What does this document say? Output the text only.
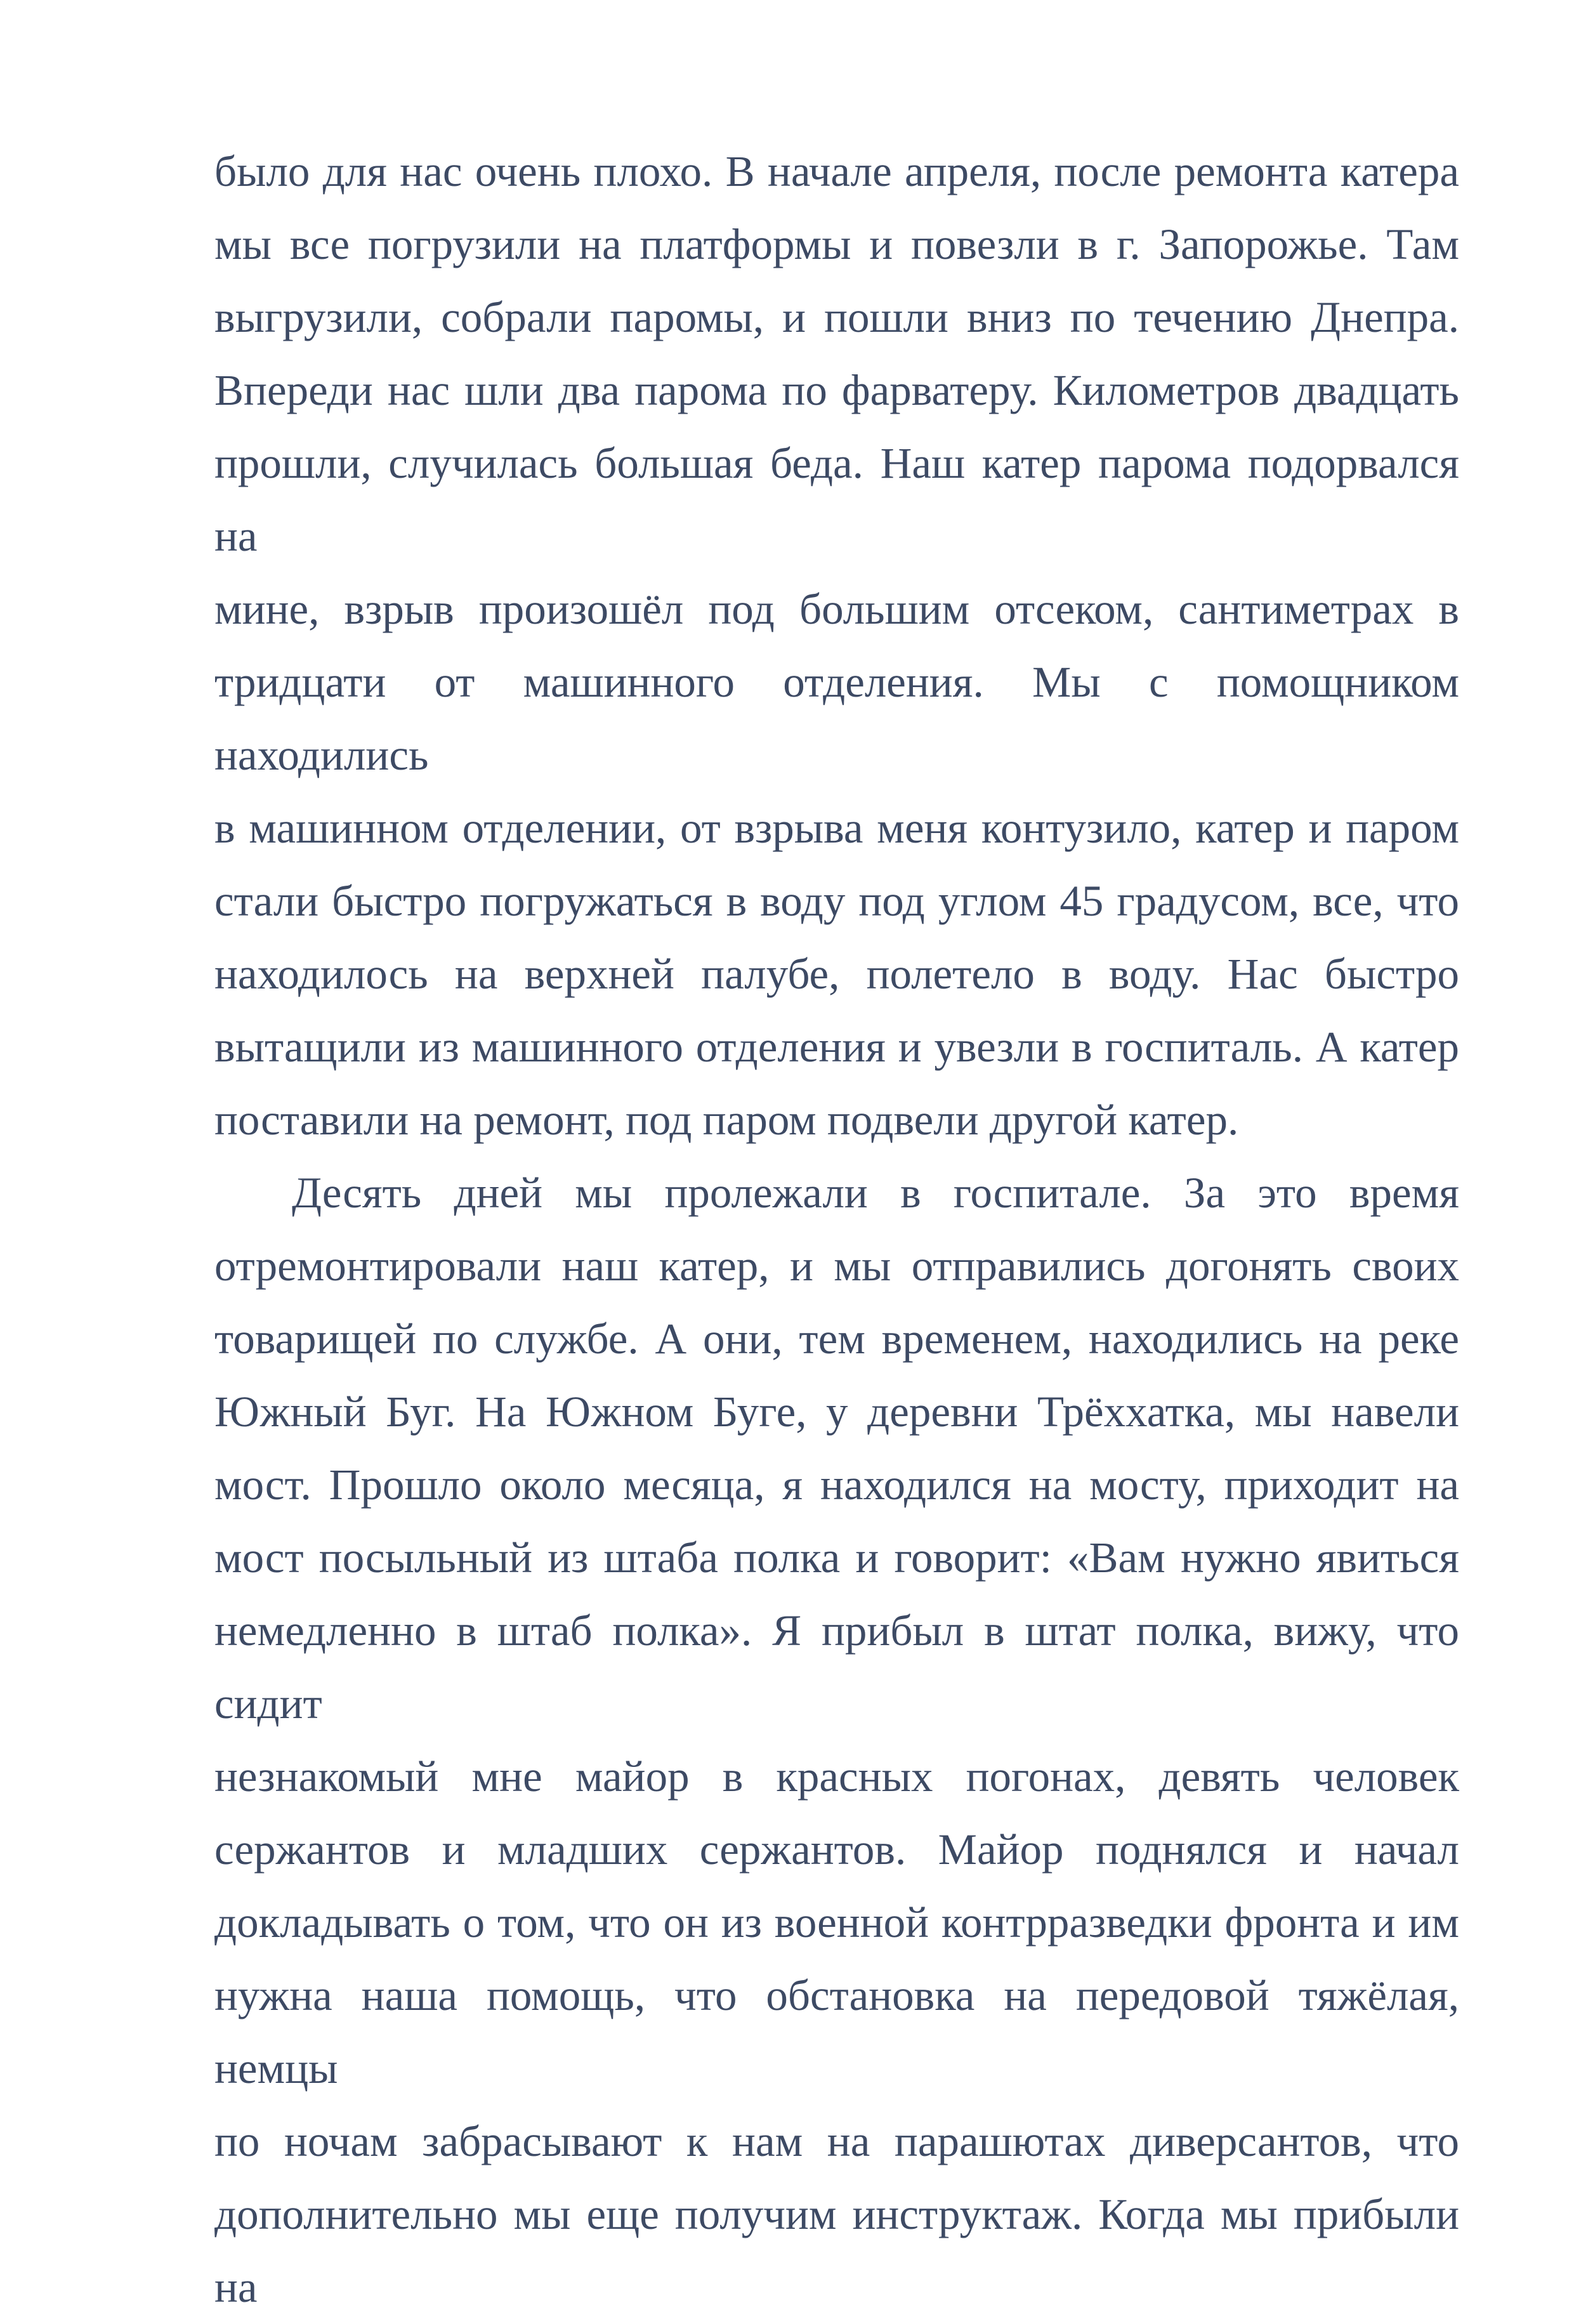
было для нас очень плохо. В начале апреля, после ремонта катера
мы все погрузили на платформы и повезли в г. Запорожье. Там
выгрузили, собрали паромы, и пошли вниз по течению Днепра.
Впереди нас шли два парома по фарватеру. Километров двадцать
прошли, случилась большая беда. Наш катер парома подорвался на
мине, взрыв произошёл под большим отсеком, сантиметрах в
тридцати от машинного отделения. Мы с помощником находились
в машинном отделении, от взрыва меня контузило, катер и паром
стали быстро погружаться в воду под углом 45 градусом, все, что
находилось на верхней палубе, полетело в воду. Нас быстро
вытащили из машинного отделения и увезли в госпиталь. А катер
поставили на ремонт, под паром подвели другой катер.
Десять дней мы пролежали в госпитале. За это время
отремонтировали наш катер, и мы отправились догонять своих
товарищей по службе. А они, тем временем, находились на реке
Южный Буг. На Южном Буге, у деревни Трёххатка, мы навели
мост. Прошло около месяца, я находился на мосту, приходит на
мост посыльный из штаба полка и говорит: «Вам нужно явиться
немедленно в штаб полка». Я прибыл в штат полка, вижу, что сидит
незнакомый мне майор в красных погонах, девять человек
сержантов и младших сержантов. Майор поднялся и начал
докладывать о том, что он из военной контрразведки фронта и им
нужна наша помощь, что обстановка на передовой тяжёлая, немцы
по ночам забрасывают к нам на парашютах диверсантов, что
дополнительно мы еще получим инструктаж. Когда мы прибыли на
